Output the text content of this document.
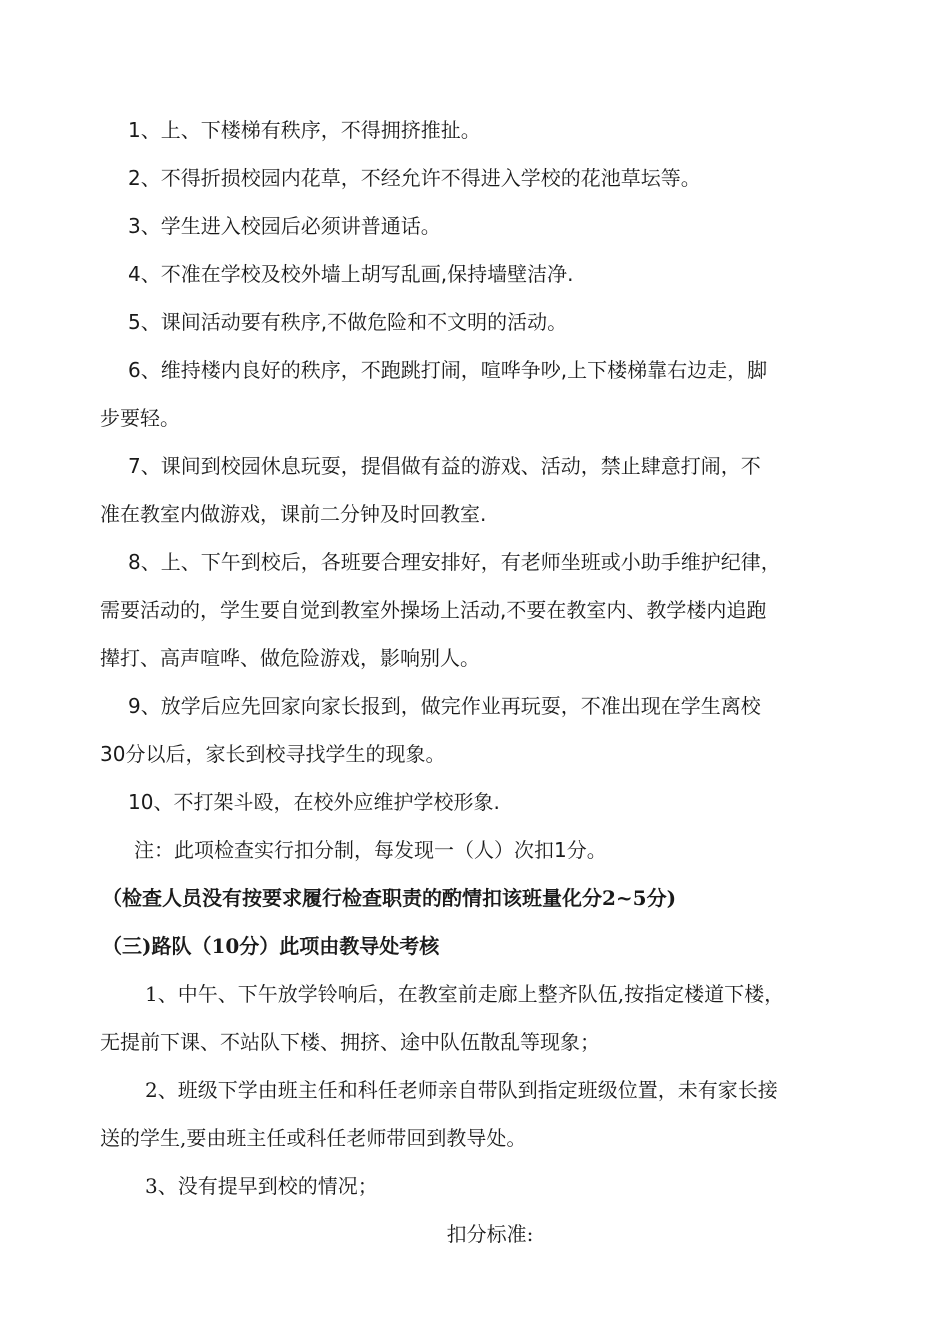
1、上、下楼梯有秩序，不得拥挤推扯。
2、不得折损校园内花草，不经允许不得进入学校的花池草坛等。
3、学生进入校园后必须讲普通话。
4、不准在学校及校外墙上胡写乱画,保持墙壁洁净.
5、课间活动要有秩序,不做危险和不文明的活动。
6、维持楼内良好的秩序，不跑跳打闹，喧哗争吵,上下楼梯靠右边走，脚
步要轻。
7、课间到校园休息玩耍，提倡做有益的游戏、活动，禁止肆意打闹，不
准在教室内做游戏，课前二分钟及时回教室.
8、上、下午到校后，各班要合理安排好，有老师坐班或小助手维护纪律，
需要活动的，学生要自觉到教室外操场上活动,不要在教室内、教学楼内追跑
撵打、高声喧哗、做危险游戏，影响别人。
9、放学后应先回家向家长报到，做完作业再玩耍，不准出现在学生离校
30分以后，家长到校寻找学生的现象。
10、不打架斗殴，在校外应维护学校形象.
注：此项检查实行扣分制，每发现一（人）次扣1分。
（检查人员没有按要求履行检查职责的酌情扣该班量化分2~5分)
（三)路队（10分）此项由教导处考核
1、中午、下午放学铃响后，在教室前走廊上整齐队伍,按指定楼道下楼，
无提前下课、不站队下楼、拥挤、途中队伍散乱等现象；
2、班级下学由班主任和科任老师亲自带队到指定班级位置，未有家长接
送的学生,要由班主任或科任老师带回到教导处。
3、没有提早到校的情况；
扣分标准:
